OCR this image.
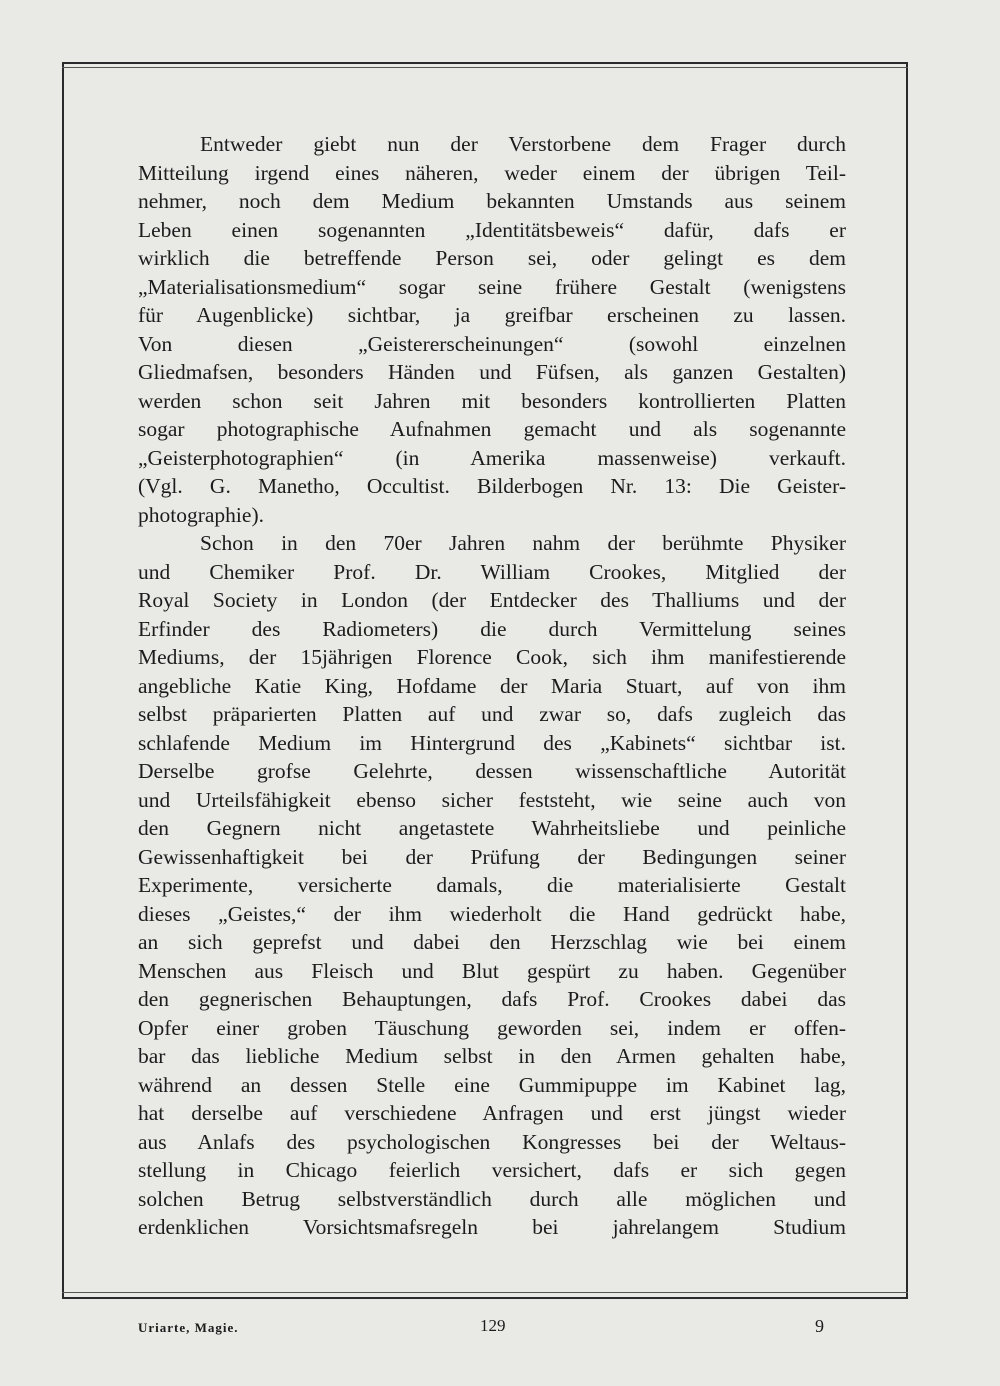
Entweder giebt nun der Verstorbene dem Frager durch
Mitteilung irgend eines näheren, weder einem der übrigen Teil-
nehmer, noch dem Medium bekannten Umstands aus seinem
Leben einen sogenannten „Identitätsbeweis“ dafür, dafs er
wirklich die betreffende Person sei, oder gelingt es dem
„Materialisationsmedium“ sogar seine frühere Gestalt (wenigstens
für Augenblicke) sichtbar, ja greifbar erscheinen zu lassen.
Von diesen „Geistererscheinungen“ (sowohl einzelnen
Gliedmafsen, besonders Händen und Füfsen, als ganzen Gestalten)
werden schon seit Jahren mit besonders kontrollierten Platten
sogar photographische Aufnahmen gemacht und als sogenannte
„Geisterphotographien“ (in Amerika massenweise) verkauft.
(Vgl. G. Manetho, Occultist. Bilderbogen Nr. 13: Die Geister-
photographie).
Schon in den 70er Jahren nahm der berühmte Physiker
und Chemiker Prof. Dr. William Crookes, Mitglied der
Royal Society in London (der Entdecker des Thalliums und der
Erfinder des Radiometers) die durch Vermittelung seines
Mediums, der 15jährigen Florence Cook, sich ihm manifestierende
angebliche Katie King, Hofdame der Maria Stuart, auf von ihm
selbst präparierten Platten auf und zwar so, dafs zugleich das
schlafende Medium im Hintergrund des „Kabinets“ sichtbar ist.
Derselbe grofse Gelehrte, dessen wissenschaftliche Autorität
und Urteilsfähigkeit ebenso sicher feststeht, wie seine auch von
den Gegnern nicht angetastete Wahrheitsliebe und peinliche
Gewissenhaftigkeit bei der Prüfung der Bedingungen seiner
Experimente, versicherte damals, die materialisierte Gestalt
dieses „Geistes,“ der ihm wiederholt die Hand gedrückt habe,
an sich geprefst und dabei den Herzschlag wie bei einem
Menschen aus Fleisch und Blut gespürt zu haben. Gegenüber
den gegnerischen Behauptungen, dafs Prof. Crookes dabei das
Opfer einer groben Täuschung geworden sei, indem er offen-
bar das liebliche Medium selbst in den Armen gehalten habe,
während an dessen Stelle eine Gummipuppe im Kabinet lag,
hat derselbe auf verschiedene Anfragen und erst jüngst wieder
aus Anlafs des psychologischen Kongresses bei der Weltaus-
stellung in Chicago feierlich versichert, dafs er sich gegen
solchen Betrug selbstverständlich durch alle möglichen und
erdenklichen Vorsichtsmafsregeln bei jahrelangem Studium
Uriarte, Magie.	129	9
